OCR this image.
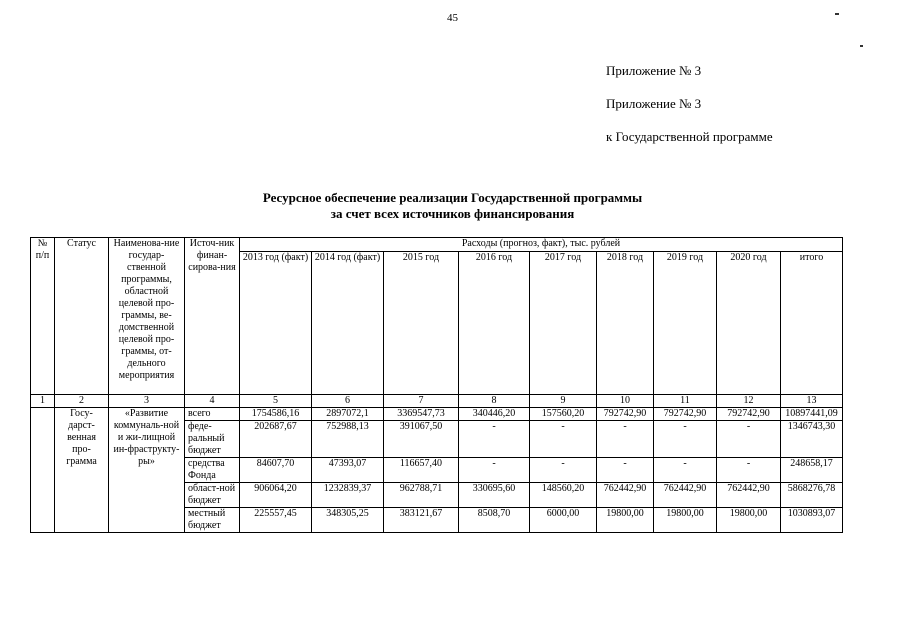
45
Приложение № 3
Приложение № 3
к Государственной программе
Ресурсное обеспечение реализации Государственной программы
за счет всех источников финансирования
№ п/п	Статус	Наименова-ние государ-ственной программы, областной целевой про-граммы, ве-домственной целевой про-граммы, от-дельного мероприятия	Источ-ник финан-сирова-ния	Расходы (прогноз, факт), тыс. рублей								
				2013 год (факт)	2014 год (факт)	2015 год	2016 год	2017 год	2018 год	2019 год	2020 год	итого
1	2	3	4	5	6	7	8	9	10	11	12	13
	Госу-дарст-венная про-грамма	«Развитие коммуналь-ной и жи-лищной ин-фраструкту-ры»	всего	1754586,16	2897072,1	3369547,73	340446,20	157560,20	792742,90	792742,90	792742,90	10897441,09
			феде-ральный бюджет	202687,67	752988,13	391067,50	-	-	-	-	-	1346743,30
			средства Фонда	84607,70	47393,07	116657,40	-	-	-	-	-	248658,17
			област-ной бюджет	906064,20	1232839,37	962788,71	330695,60	148560,20	762442,90	762442,90	762442,90	5868276,78
			местный бюджет	225557,45	348305,25	383121,67	8508,70	6000,00	19800,00	19800,00	19800,00	1030893,07
